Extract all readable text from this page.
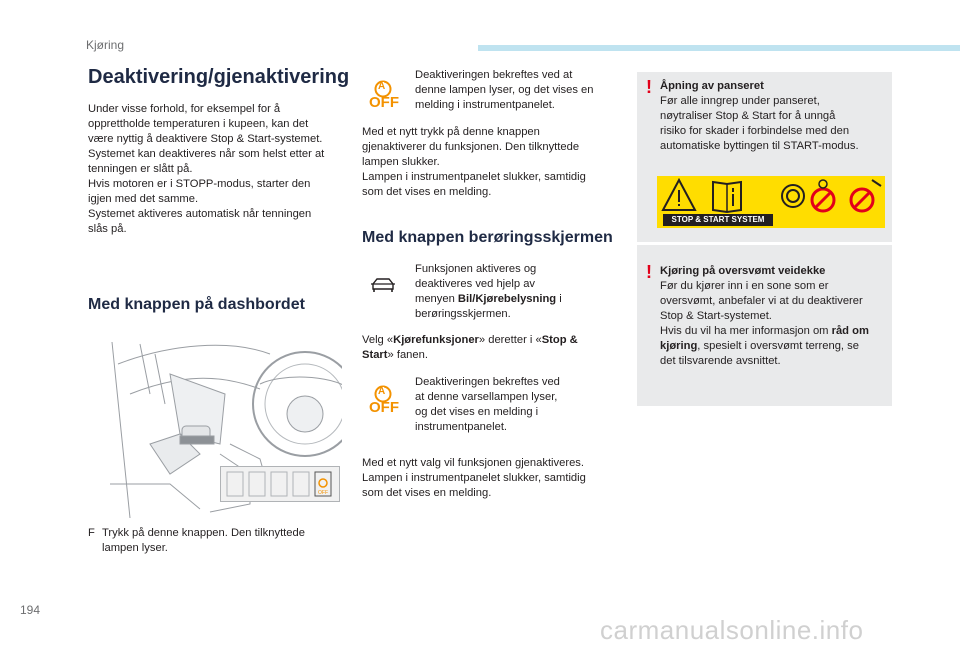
Kjøring
Deaktivering/gjenaktivering
Under visse forhold, for eksempel for å
opprettholde temperaturen i kupeen, kan det
være nyttig å deaktivere Stop & Start-systemet.
Systemet kan deaktiveres når som helst etter at
tenningen er slått på.
Hvis motoren er i STOPP-modus, starter den
igjen med det samme.
Systemet aktiveres automatisk når tenningen
slås på.
Med knappen på dashbordet
OFF
F Trykk på denne knappen. Den tilknyttede
lampen lyser.
A
OFF
Deaktiveringen bekreftes ved at
denne lampen lyser, og det vises en
melding i instrumentpanelet.
Med et nytt trykk på denne knappen
gjenaktiverer du funksjonen. Den tilknyttede
lampen slukker.
Lampen i instrumentpanelet slukker, samtidig
som det vises en melding.
Med knappen berøringsskjermen
Funksjonen aktiveres og
deaktiveres ved hjelp av
menyen Bil/Kjørebelysning i
berøringsskjermen.
Velg «Kjørefunksjoner» deretter i «Stop &
Start» fanen.
A
OFF
Deaktiveringen bekreftes ved
at denne varsellampen lyser,
og det vises en melding i
instrumentpanelet.
Med et nytt valg vil funksjonen gjenaktiveres.
Lampen i instrumentpanelet slukker, samtidig
som det vises en melding.
! Åpning av panseret
Før alle inngrep under panseret,
nøytraliser Stop & Start for å unngå
risiko for skader i forbindelse med den
automatiske byttingen til START-modus.
STOP & START SYSTEM
! Kjøring på oversvømt veidekke
Før du kjører inn i en sone som er
oversvømt, anbefaler vi at du deaktiverer
Stop & Start-systemet.
Hvis du vil ha mer informasjon om råd om
kjøring, spesielt i oversvømt terreng, se
det tilsvarende avsnittet.
194
carmanualsonline.info
